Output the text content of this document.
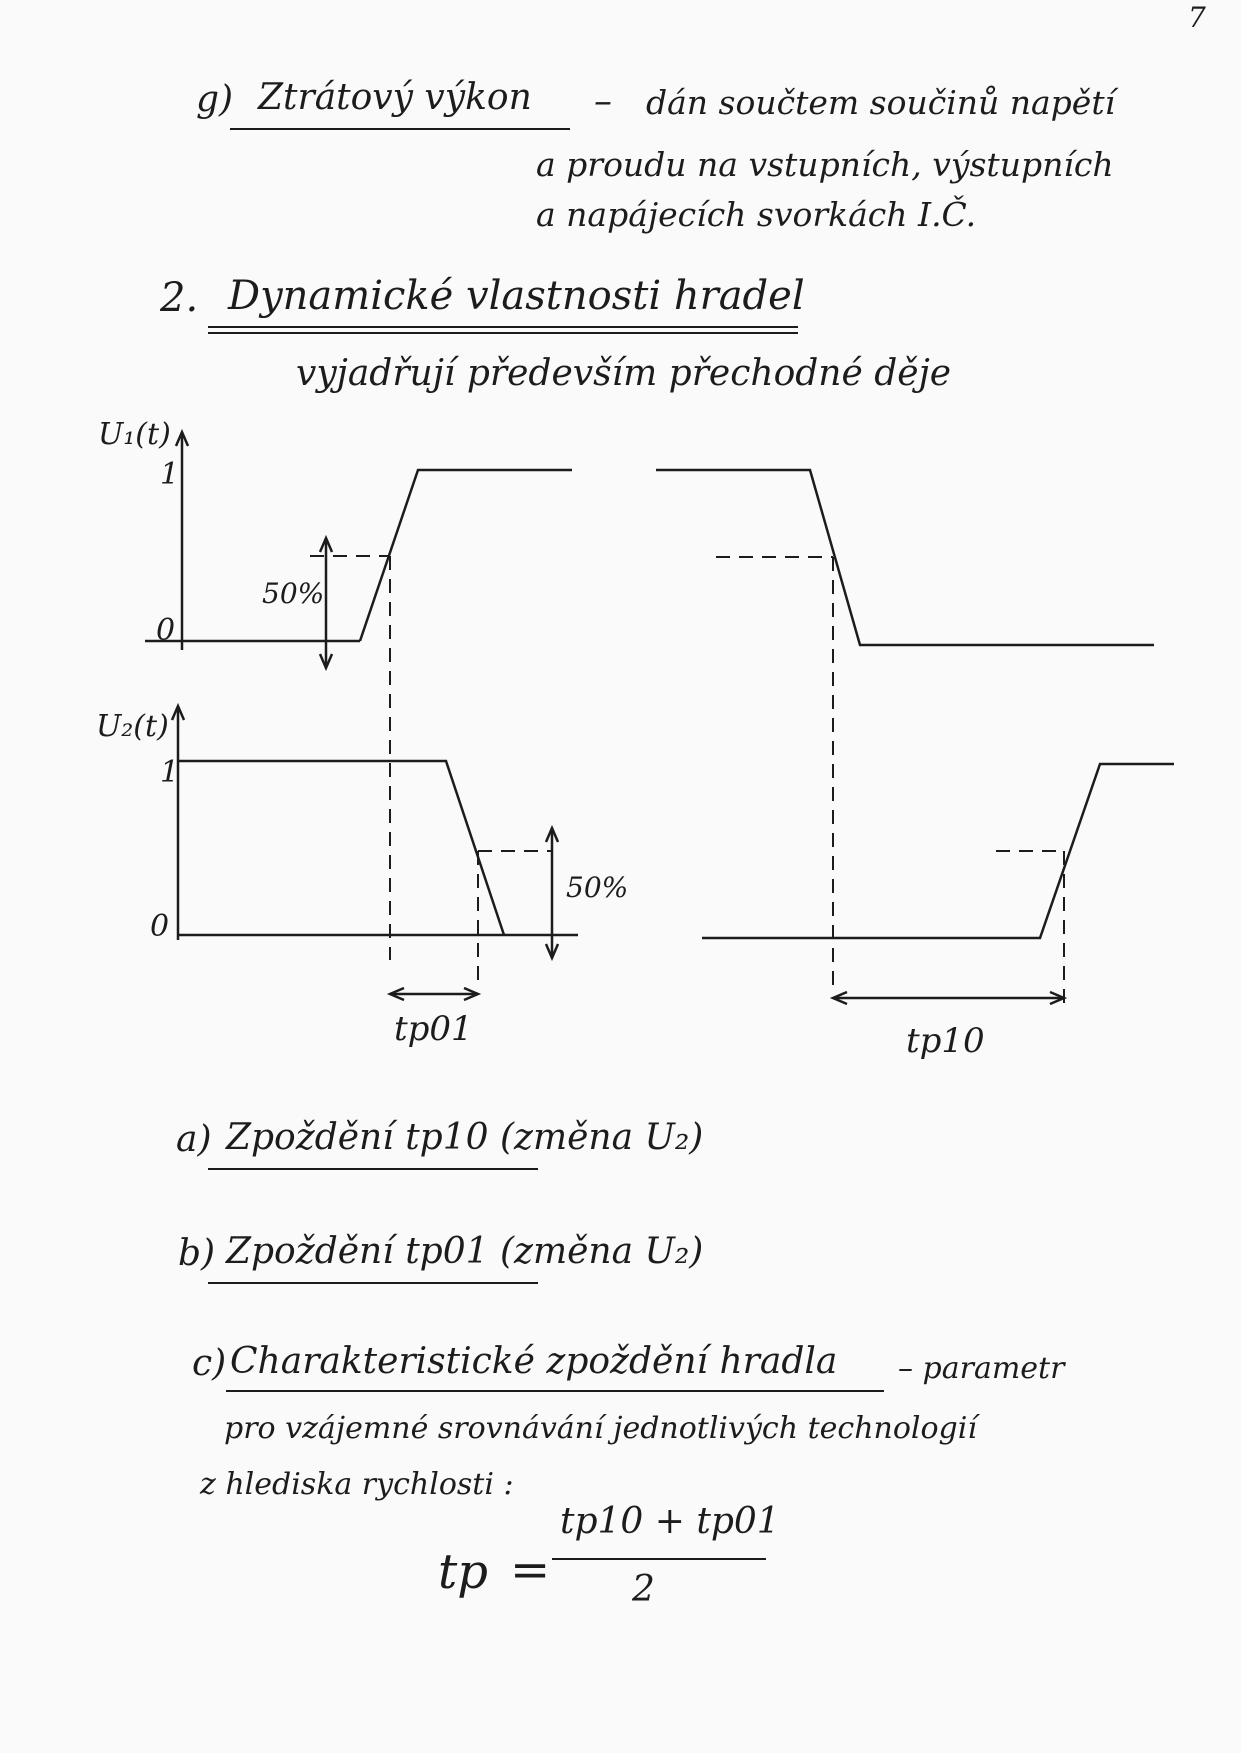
7
g) Ztrátový výkon – dán součtem součinů napětí
a proudu na vstupních, výstupních
a napájecích svorkách I.Č.
2. Dynamické vlastnosti hradel
vyjadřují především přechodné děje
U₁(t)
1
0
50%
U₂(t)
1
0
50%
tp01	tp10
a) Zpoždění tp10 (změna U₂)
b) Zpoždění tp01 (změna U₂)
c) Charakteristické zpoždění hradla – parametr
pro vzájemné srovnávání jednotlivých technologií
z hlediska rychlosti :
tp =
tp10 + tp01
2
